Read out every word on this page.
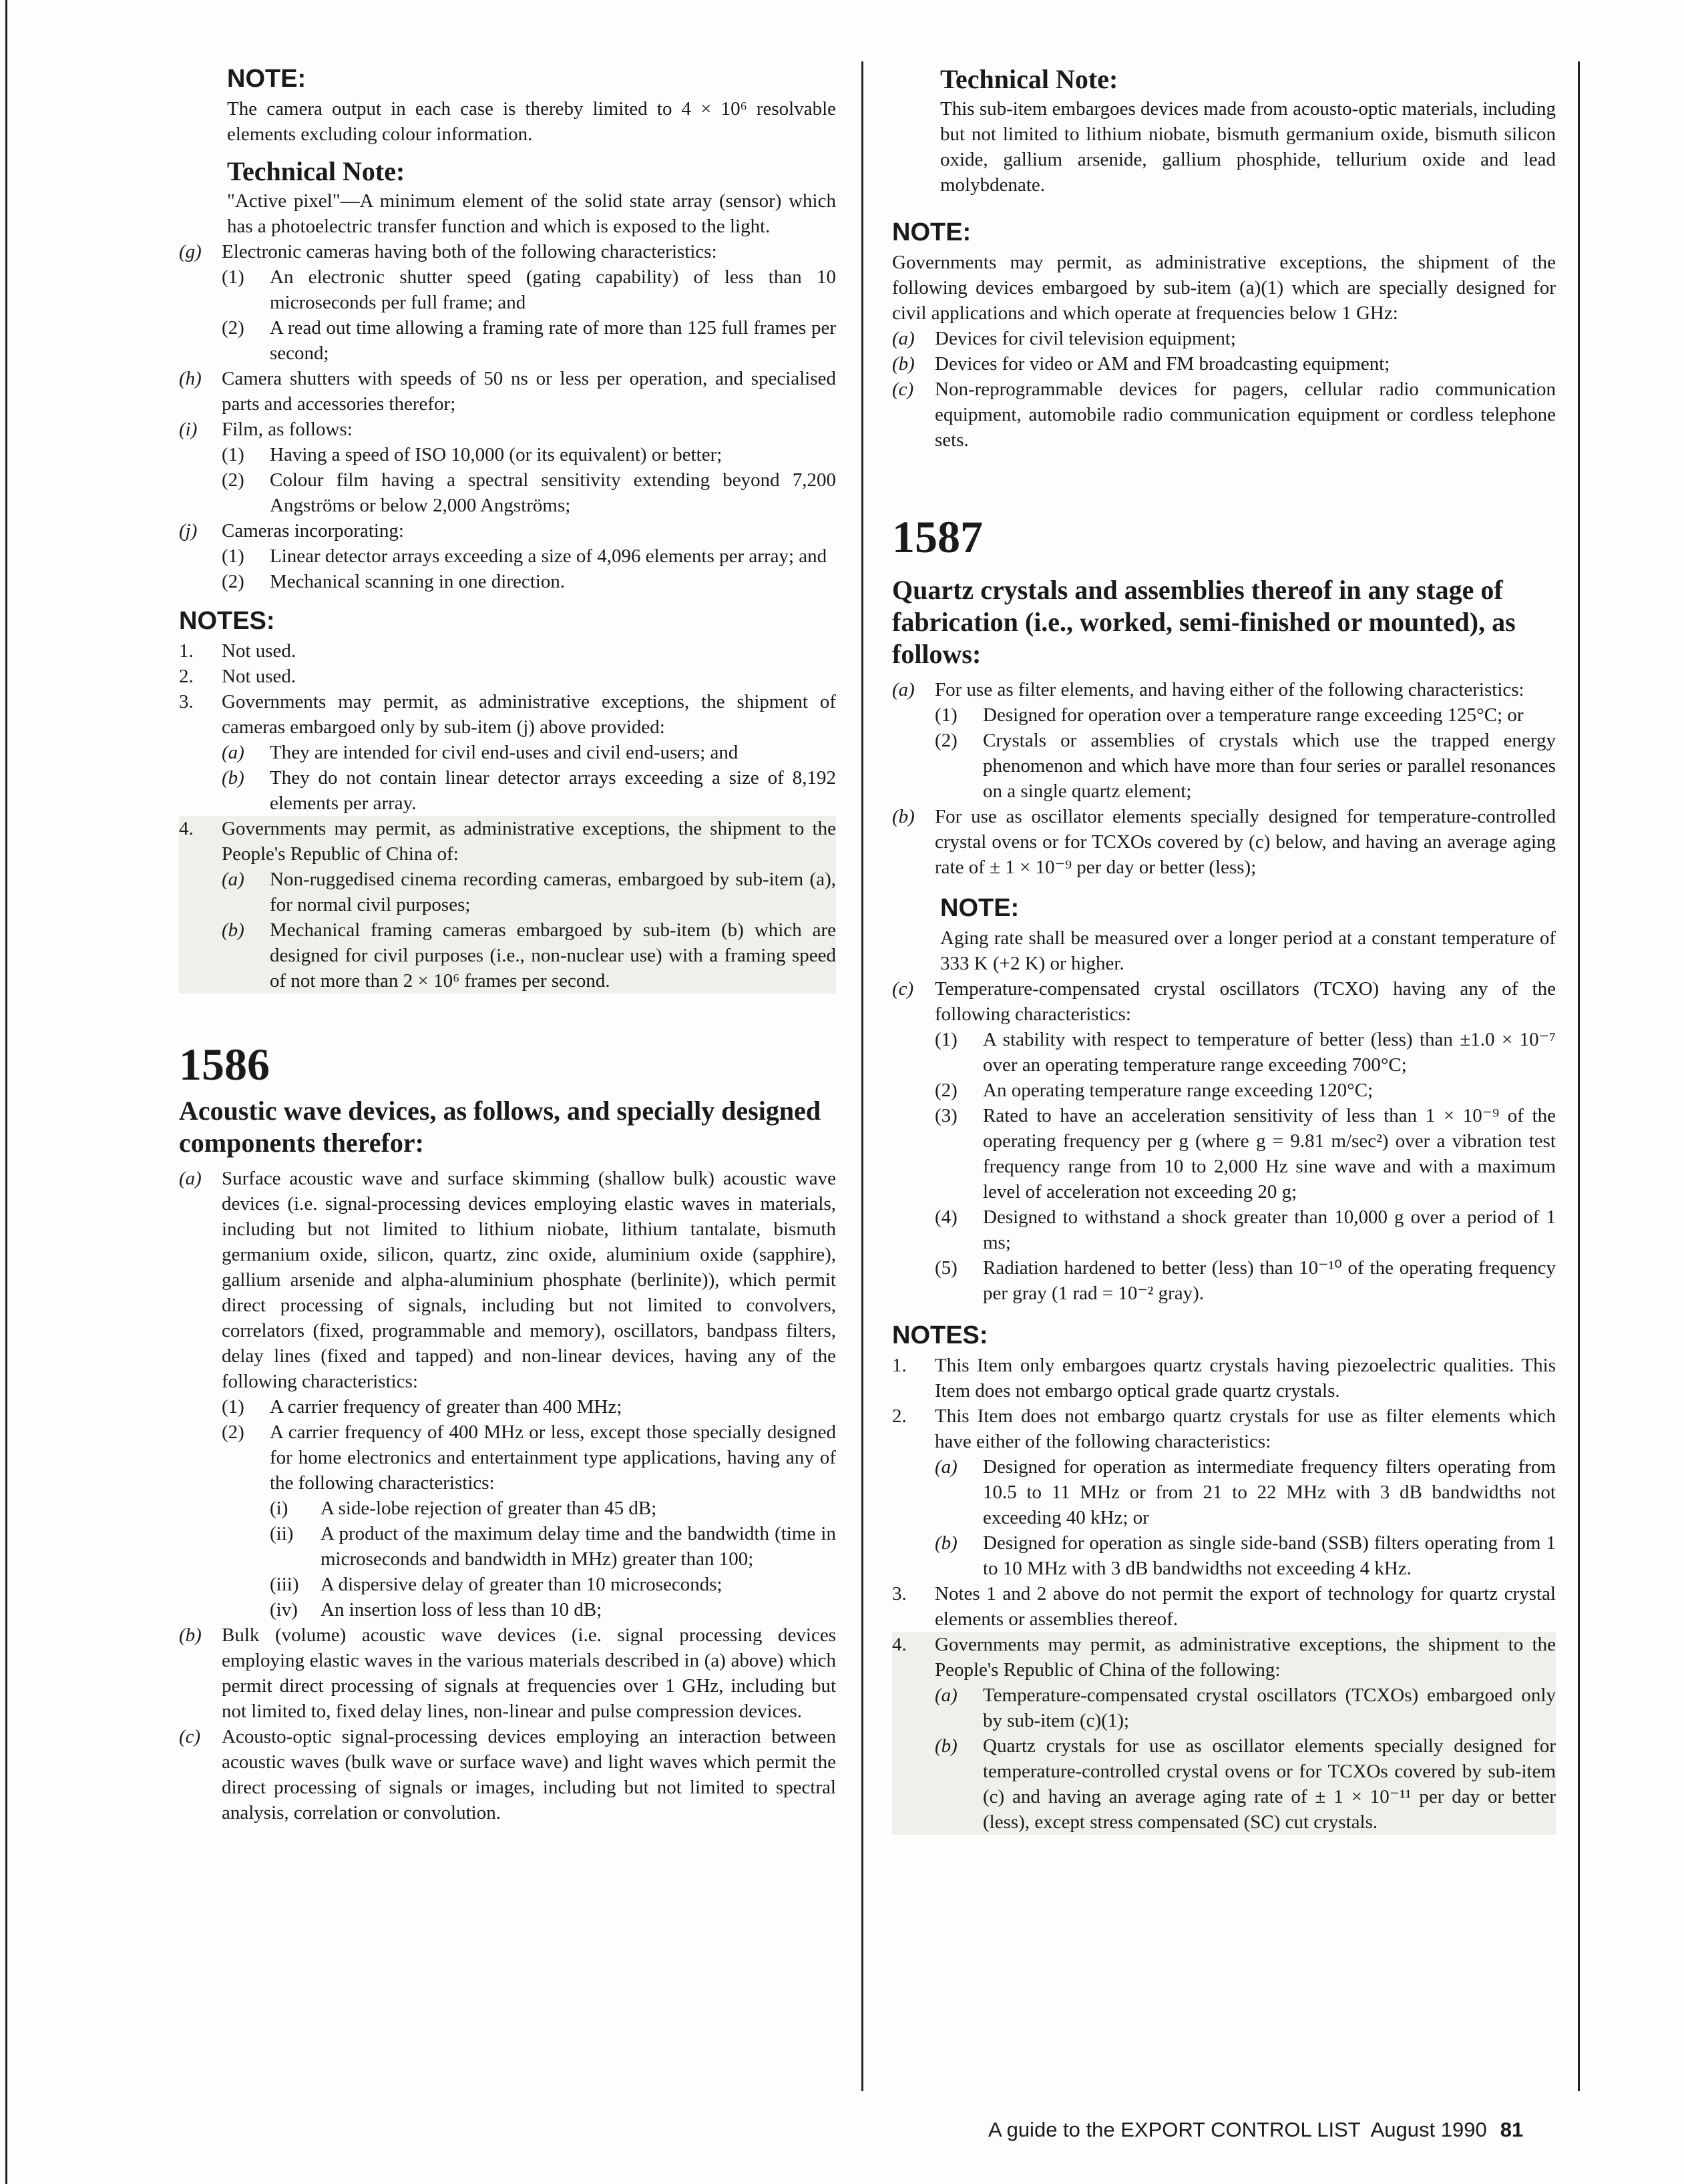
NOTE:

The camera output in each case is thereby limited to 4 × 10⁶ resolvable elements excluding colour information.

Technical Note:

"Active pixel"—A minimum element of the solid state array (sensor) which has a photoelectric transfer function and which is exposed to the light.

(g)	Electronic cameras having both of the following characteristics:
(1)	An electronic shutter speed (gating capability) of less than 10 microseconds per full frame; and
(2)	A read out time allowing a framing rate of more than 125 full frames per second;
(h)	Camera shutters with speeds of 50 ns or less per operation, and specialised parts and accessories therefor;
(i)	Film, as follows:
(1)	Having a speed of ISO 10,000 (or its equivalent) or better;
(2)	Colour film having a spectral sensitivity extending beyond 7,200 Angströms or below 2,000 Angströms;
(j)	Cameras incorporating:
(1)	Linear detector arrays exceeding a size of 4,096 elements per array; and
(2)	Mechanical scanning in one direction.

NOTES:

1.	Not used.
2.	Not used.
3.	Governments may permit, as administrative exceptions, the shipment of cameras embargoed only by sub-item (j) above provided:
(a)	They are intended for civil end-uses and civil end-users; and
(b)	They do not contain linear detector arrays exceeding a size of 8,192 elements per array.
4.	Governments may permit, as administrative exceptions, the shipment to the People's Republic of China of:
(a)	Non-ruggedised cinema recording cameras, embargoed by sub-item (a), for normal civil purposes;
(b)	Mechanical framing cameras embargoed by sub-item (b) which are designed for civil purposes (i.e., non-nuclear use) with a framing speed of not more than 2 × 10⁶ frames per second.

1586

Acoustic wave devices, as follows, and specially designed components therefor:

(a)	Surface acoustic wave and surface skimming (shallow bulk) acoustic wave devices (i.e. signal-processing devices employing elastic waves in materials, including but not limited to lithium niobate, lithium tantalate, bismuth germanium oxide, silicon, quartz, zinc oxide, aluminium oxide (sapphire), gallium arsenide and alpha-aluminium phosphate (berlinite)), which permit direct processing of signals, including but not limited to convolvers, correlators (fixed, programmable and memory), oscillators, bandpass filters, delay lines (fixed and tapped) and non-linear devices, having any of the following characteristics:
(1)	A carrier frequency of greater than 400 MHz;
(2)	A carrier frequency of 400 MHz or less, except those specially designed for home electronics and entertainment type applications, having any of the following characteristics:
(i)	A side-lobe rejection of greater than 45 dB;
(ii)	A product of the maximum delay time and the bandwidth (time in microseconds and bandwidth in MHz) greater than 100;
(iii)	A dispersive delay of greater than 10 microseconds;
(iv)	An insertion loss of less than 10 dB;
(b)	Bulk (volume) acoustic wave devices (i.e. signal processing devices employing elastic waves in the various materials described in (a) above) which permit direct processing of signals at frequencies over 1 GHz, including but not limited to, fixed delay lines, non-linear and pulse compression devices.
(c)	Acousto-optic signal-processing devices employing an interaction between acoustic waves (bulk wave or surface wave) and light waves which permit the direct processing of signals or images, including but not limited to spectral analysis, correlation or convolution.

Technical Note:

This sub-item embargoes devices made from acousto-optic materials, including but not limited to lithium niobate, bismuth germanium oxide, bismuth silicon oxide, gallium arsenide, gallium phosphide, tellurium oxide and lead molybdenate.

NOTE:

Governments may permit, as administrative exceptions, the shipment of the following devices embargoed by sub-item (a)(1) which are specially designed for civil applications and which operate at frequencies below 1 GHz:

(a)	Devices for civil television equipment;
(b)	Devices for video or AM and FM broadcasting equipment;
(c)	Non-reprogrammable devices for pagers, cellular radio communication equipment, automobile radio communication equipment or cordless telephone sets.

1587

Quartz crystals and assemblies thereof in any stage of fabrication (i.e., worked, semi-finished or mounted), as follows:

(a)	For use as filter elements, and having either of the following characteristics:
(1)	Designed for operation over a temperature range exceeding 125°C; or
(2)	Crystals or assemblies of crystals which use the trapped energy phenomenon and which have more than four series or parallel resonances on a single quartz element;
(b)	For use as oscillator elements specially designed for temperature-controlled crystal ovens or for TCXOs covered by (c) below, and having an average aging rate of ± 1 × 10⁻⁹ per day or better (less);

NOTE:

Aging rate shall be measured over a longer period at a constant temperature of 333 K (+2 K) or higher.

(c)	Temperature-compensated crystal oscillators (TCXO) having any of the following characteristics:
(1)	A stability with respect to temperature of better (less) than ±1.0 × 10⁻⁷ over an operating temperature range exceeding 700°C;
(2)	An operating temperature range exceeding 120°C;
(3)	Rated to have an acceleration sensitivity of less than 1 × 10⁻⁹ of the operating frequency per g (where g = 9.81 m/sec²) over a vibration test frequency range from 10 to 2,000 Hz sine wave and with a maximum level of acceleration not exceeding 20 g;
(4)	Designed to withstand a shock greater than 10,000 g over a period of 1 ms;
(5)	Radiation hardened to better (less) than 10⁻¹⁰ of the operating frequency per gray (1 rad = 10⁻² gray).

NOTES:

1.	This Item only embargoes quartz crystals having piezoelectric qualities. This Item does not embargo optical grade quartz crystals.
2.	This Item does not embargo quartz crystals for use as filter elements which have either of the following characteristics:
(a)	Designed for operation as intermediate frequency filters operating from 10.5 to 11 MHz or from 21 to 22 MHz with 3 dB bandwidths not exceeding 40 kHz; or
(b)	Designed for operation as single side-band (SSB) filters operating from 1 to 10 MHz with 3 dB bandwidths not exceeding 4 kHz.
3.	Notes 1 and 2 above do not permit the export of technology for quartz crystal elements or assemblies thereof.
4.	Governments may permit, as administrative exceptions, the shipment to the People's Republic of China of the following:
(a)	Temperature-compensated crystal oscillators (TCXOs) embargoed only by sub-item (c)(1);
(b)	Quartz crystals for use as oscillator elements specially designed for temperature-controlled crystal ovens or for TCXOs covered by sub-item (c) and having an average aging rate of ± 1 × 10⁻¹¹ per day or better (less), except stress compensated (SC) cut crystals.
A guide to the EXPORT CONTROL LIST  August 1990 81
